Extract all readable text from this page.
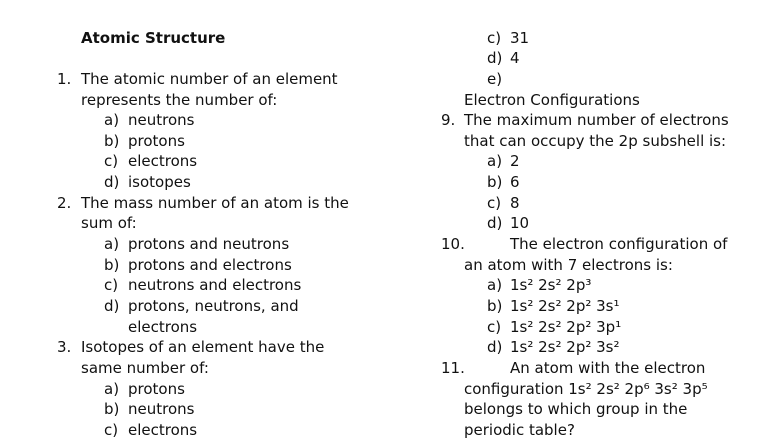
Atomic Structure
1. The atomic number of an element
represents the number of:
a) neutrons
b) protons
c) electrons
d) isotopes
2. The mass number of an atom is the
sum of:
a) protons and neutrons
b) protons and electrons
c) neutrons and electrons
d) protons, neutrons, and
electrons
3. Isotopes of an element have the
same number of:
a) protons
b) neutrons
c) electrons
c) 31
d) 4
e)
Electron Configurations
9. The maximum number of electrons
that can occupy the 2p subshell is:
a) 2
b) 6
c) 8
d) 10
10.	The electron configuration of
an atom with 7 electrons is:
a) 1s² 2s² 2p³
b) 1s² 2s² 2p² 3s¹
c) 1s² 2s² 2p² 3p¹
d) 1s² 2s² 2p² 3s²
11.	An atom with the electron
configuration 1s² 2s² 2p⁶ 3s² 3p⁵
belongs to which group in the
periodic table?
